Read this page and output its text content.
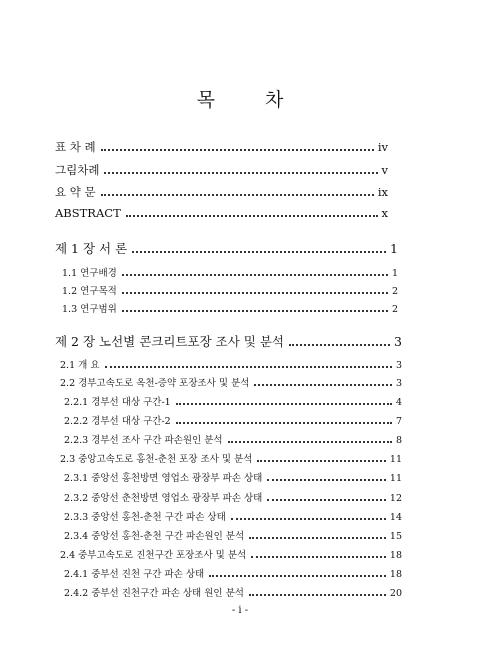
목 차
표 차 례	iv
그림차례	v
요 약 문	ix
ABSTRACT	x
제 1 장 서 론	1
1.1 연구배경	1
1.2 연구목적	2
1.3 연구범위	2
제 2 장 노선별 콘크리트포장 조사 및 분석	3
2.1 개 요	3
2.2 경부고속도로 옥천-증약 포장조사 및 분석	3
2.2.1 경부선 대상 구간-1	4
2.2.2 경부선 대상 구간-2	7
2.2.3 경부선 조사 구간 파손원인 분석	8
2.3 중앙고속도로 홍천-춘천 포장 조사 및 분석	11
2.3.1 중앙선 홍천방면 영업소 광장부 파손 상태	11
2.3.2 중앙선 춘천방면 영업소 광장부 파손 상태	12
2.3.3 중앙선 홍천-춘천 구간 파손 상태	14
2.3.4 중앙선 홍천-춘천 구간 파손원인 분석	15
2.4 중부고속도로 진천구간 포장조사 및 분석	18
2.4.1 중부선 진천 구간 파손 상태	18
2.4.2 중부선 진천구간 파손 상태 원인 분석	20
- i -
